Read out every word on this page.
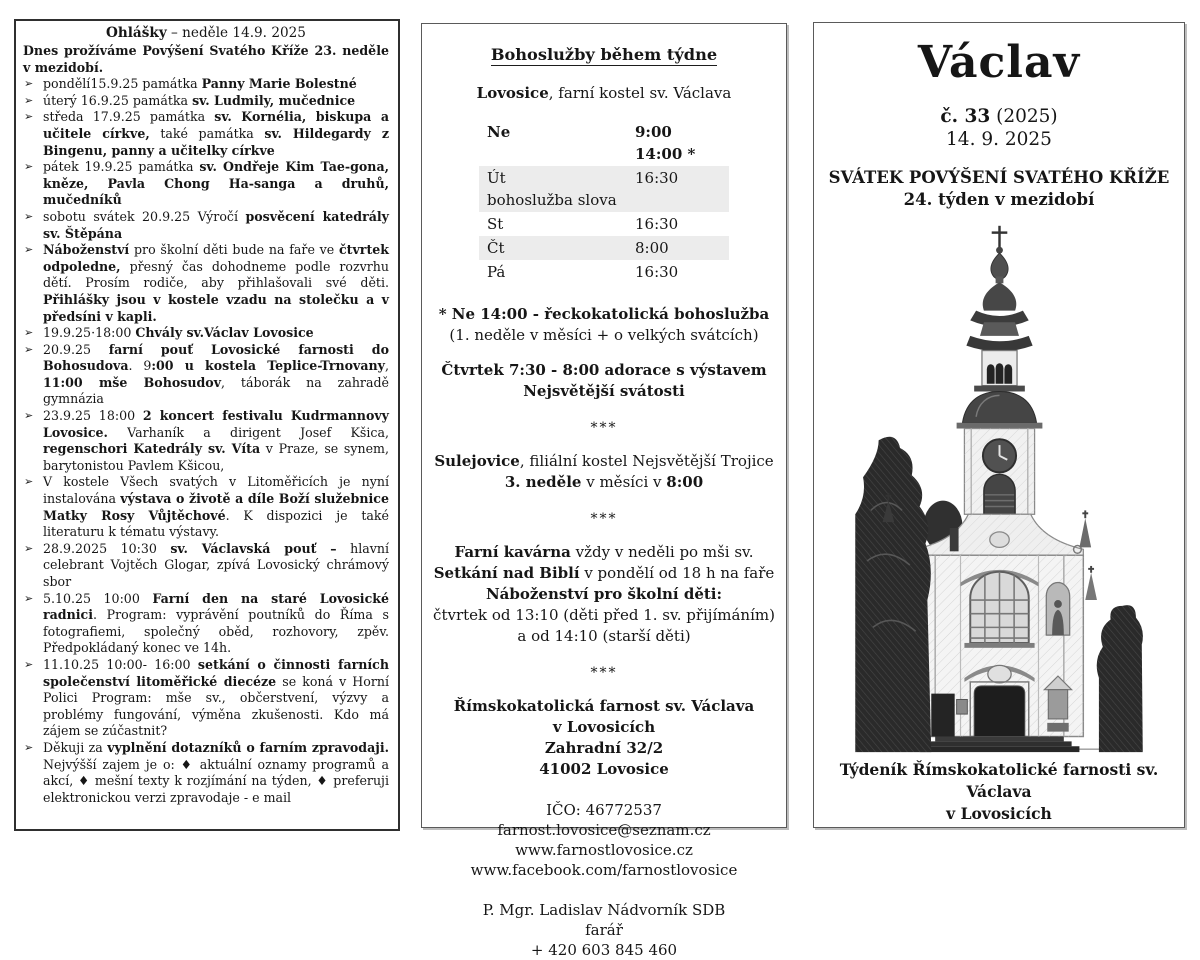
Ohlášky – neděle 14.9. 2025
Dnes prožíváme Povýšení Svatého Kříže 23. neděle v mezidobí.
➢ pondělí15.9.25 památka Panny Marie Bolestné
➢ úterý 16.9.25 památka sv. Ludmily, mučednice
➢ středa 17.9.25 památka sv. Kornélia, biskupa a učitele církve, také památka sv. Hildegardy z Bingenu, panny a učitelky církve
➢ pátek 19.9.25 památka sv. Ondřeje Kim Tae-gona, kněze, Pavla Chong Ha-sanga a druhů, mučedníků
➢ sobotu svátek 20.9.25 Výročí posvěcení katedrály sv. Štěpána
➢ Náboženství pro školní děti bude na faře ve čtvrtek odpoledne, přesný čas dohodneme podle rozvrhu dětí. Prosím rodiče, aby přihlašovali své děti. Přihlášky jsou v kostele vzadu na stolečku a v předsíni v kapli.
➢ 19.9.25·18:00 Chvály sv.Václav Lovosice
➢ 20.9.25 farní pouť Lovosické farnosti do Bohosudova. 9:00 u kostela Teplice-Trnovany, 11:00 mše Bohosudov, táborák na zahradě gymnázia
➢ 23.9.25 18:00 2 koncert festivalu Kudrmannovy Lovosice. Varhaník a dirigent Josef Kšica, regenschori Katedrály sv. Víta v Praze, se synem, barytonistou Pavlem Kšicou,
➢ V kostele Všech svatých v Litoměřicích je nyní instalována výstava o životě a díle Boží služebnice Matky Rosy Vůjtěchové. K dispozici je také literaturu k tématu výstavy.
➢ 28.9.2025 10:30 sv. Václavská pouť – hlavní celebrant Vojtěch Glogar, zpívá Lovosický chrámový sbor
➢ 5.10.25 10:00 Farní den na staré Lovosické radnici. Program: vyprávění poutníků do Říma s fotografiemi, společný oběd, rozhovory, zpěv. Předpokládaný konec ve 14h.
➢ 11.10.25 10:00- 16:00 setkání o činnosti farních společenství litoměřické diecéze se koná v Horní Polici Program: mše sv., občerstvení, výzvy a problémy fungování, výměna zkušenosti. Kdo má zájem se zúčastnit?
➢ Děkuji za vyplnění dotazníků o farním zpravodaji. Nejvýšší zajem je o: ♦ aktuální oznamy programů a akcí, ♦ mešní texty k rozjímání na týden, ♦ preferuji elektronickou verzi zpravodaje - e mail
Bohoslužby během týdne
Lovosice, farní kostel sv. Václava
Ne	9:00
14:00 *
Út	16:30
bohoslužba slova
St	16:30
Čt	8:00
Pá	16:30
* Ne 14:00 - řeckokatolická bohoslužba
(1. neděle v měsíci + o velkých svátcích)
Čtvrtek 7:30 - 8:00 adorace s výstavem Nejsvětější svátosti
***
Sulejovice, filiální kostel Nejsvětější Trojice
3. neděle v měsíci v 8:00
***
Farní kavárna vždy v neděli po mši sv.
Setkání nad Biblí v pondělí od 18 h na faře
Náboženství pro školní děti:
čtvrtek od 13:10 (děti před 1. sv. přijímáním)
a od 14:10 (starší děti)
***
Římskokatolická farnost sv. Václava
v Lovosicích
Zahradní 32/2
41002 Lovosice
IČO: 46772537
farnost.lovosice@seznam.cz
www.farnostlovosice.cz
www.facebook.com/farnostlovosice
P. Mgr. Ladislav Nádvorník SDB
farář
+ 420 603 845 460
Václav
č. 33 (2025)
14. 9. 2025
SVÁTEK POVÝŠENÍ SVATÉHO KŘÍŽE
24. týden v mezidobí
Týdeník Římskokatolické farnosti sv. Václava
v Lovosicích
